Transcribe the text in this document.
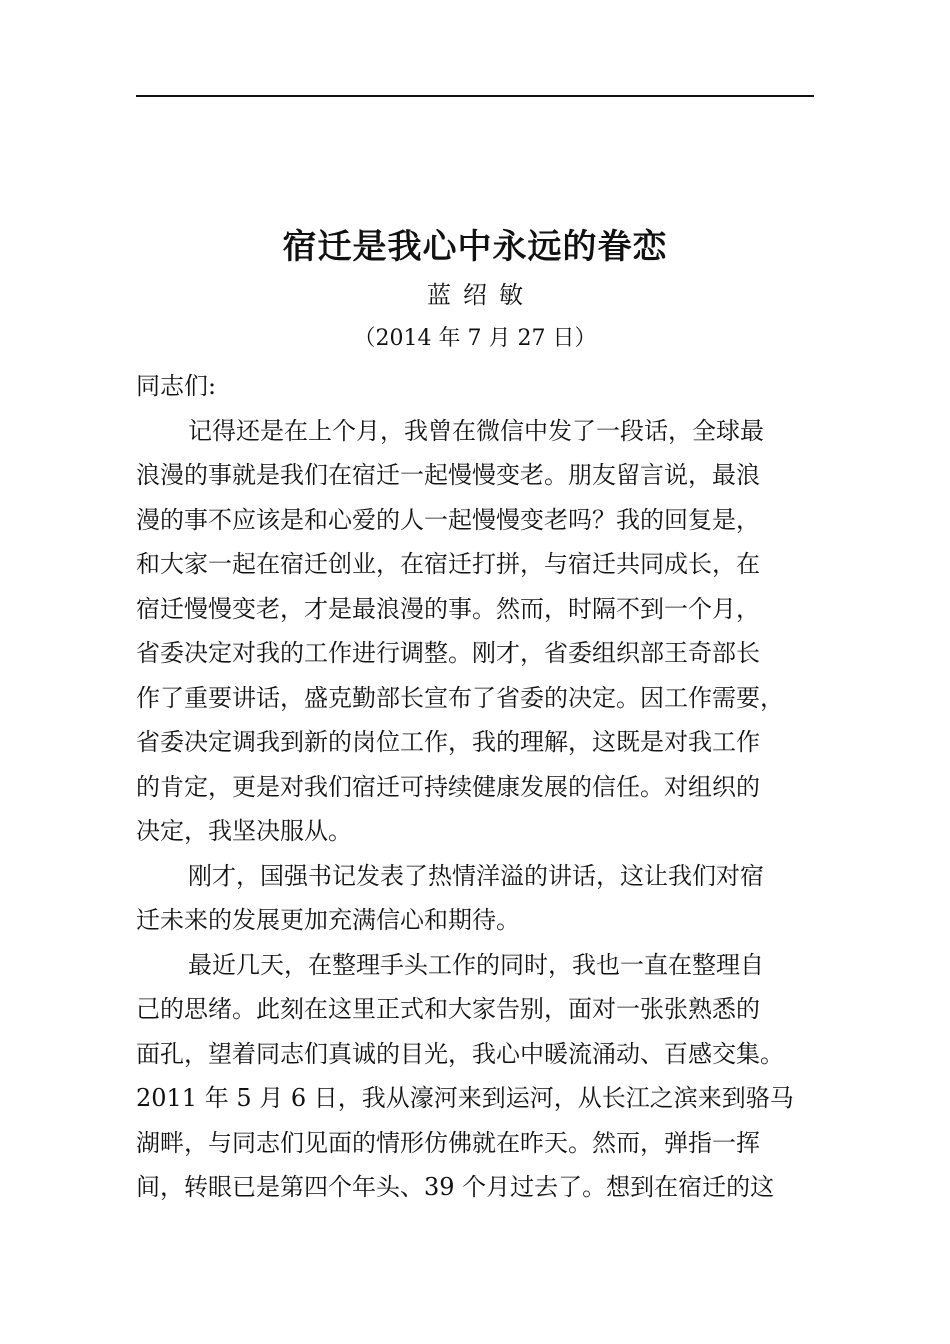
宿迁是我心中永远的眷恋
蓝绍敏
（2014 年 7 月 27 日）
同志们:
记得还是在上个月，我曾在微信中发了一段话，全球最
浪漫的事就是我们在宿迁一起慢慢变老。朋友留言说，最浪
漫的事不应该是和心爱的人一起慢慢变老吗？我的回复是，
和大家一起在宿迁创业，在宿迁打拼，与宿迁共同成长，在
宿迁慢慢变老，才是最浪漫的事。然而，时隔不到一个月，
省委决定对我的工作进行调整。刚才，省委组织部王奇部长
作了重要讲话，盛克勤部长宣布了省委的决定。因工作需要，
省委决定调我到新的岗位工作，我的理解，这既是对我工作
的肯定，更是对我们宿迁可持续健康发展的信任。对组织的
决定，我坚决服从。
刚才，国强书记发表了热情洋溢的讲话，这让我们对宿
迁未来的发展更加充满信心和期待。
最近几天，在整理手头工作的同时，我也一直在整理自
己的思绪。此刻在这里正式和大家告别，面对一张张熟悉的
面孔，望着同志们真诚的目光，我心中暖流涌动、百感交集。
2011 年 5 月 6 日，我从濠河来到运河，从长江之滨来到骆马
湖畔，与同志们见面的情形仿佛就在昨天。然而，弹指一挥
间，转眼已是第四个年头、39 个月过去了。想到在宿迁的这
